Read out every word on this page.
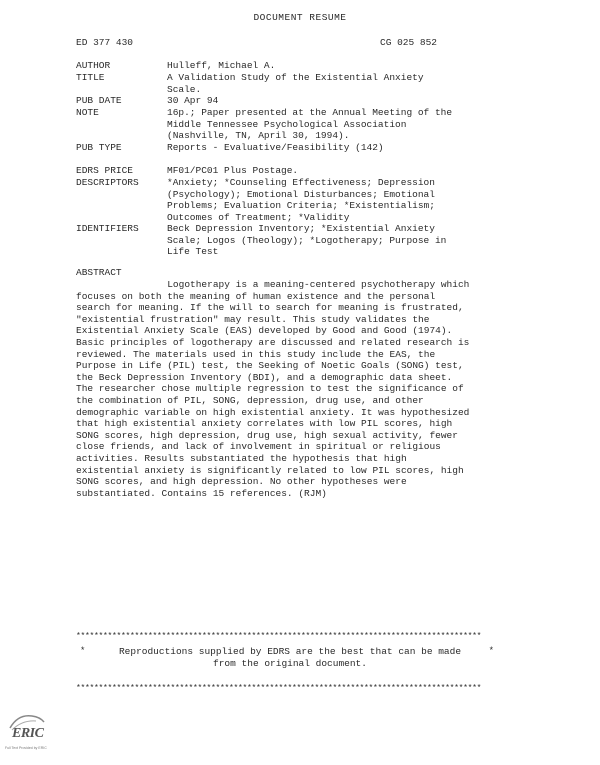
DOCUMENT RESUME
ED 377 430	CG 025 852
AUTHOR	Hulleff, Michael A.
TITLE	A Validation Study of the Existential Anxiety
Scale.
PUB DATE	30 Apr 94
NOTE	16p.; Paper presented at the Annual Meeting of the
Middle Tennessee Psychological Association
(Nashville, TN, April 30, 1994).
PUB TYPE	Reports - Evaluative/Feasibility (142)
EDRS PRICE	MF01/PC01 Plus Postage.
DESCRIPTORS	*Anxiety; *Counseling Effectiveness; Depression
(Psychology); Emotional Disturbances; Emotional
Problems; Evaluation Criteria; *Existentialism;
Outcomes of Treatment; *Validity
IDENTIFIERS	Beck Depression Inventory; *Existential Anxiety
Scale; Logos (Theology); *Logotherapy; Purpose in
Life Test
ABSTRACT
Logotherapy is a meaning-centered psychotherapy which
focuses on both the meaning of human existence and the personal
search for meaning. If the will to search for meaning is frustrated,
"existential frustration" may result. This study validates the
Existential Anxiety Scale (EAS) developed by Good and Good (1974).
Basic principles of logotherapy are discussed and related research is
reviewed. The materials used in this study include the EAS, the
Purpose in Life (PIL) test, the Seeking of Noetic Goals (SONG) test,
the Beck Depression Inventory (BDI), and a demographic data sheet.
The researcher chose multiple regression to test the significance of
the combination of PIL, SONG, depression, drug use, and other
demographic variable on high existential anxiety. It was hypothesized
that high existential anxiety correlates with low PIL scores, high
SONG scores, high depression, drug use, high sexual activity, fewer
close friends, and lack of involvement in spiritual or religious
activities. Results substantiated the hypothesis that high
existential anxiety is significantly related to low PIL scores, high
SONG scores, and high depression. No other hypotheses were
substantiated. Contains 15 references. (RJM)
******************************************************************************************
*	Reproductions supplied by EDRS are the best that can be made
from the original document.
*
******************************************************************************************
ERIC
Full Text Provided by ERIC
